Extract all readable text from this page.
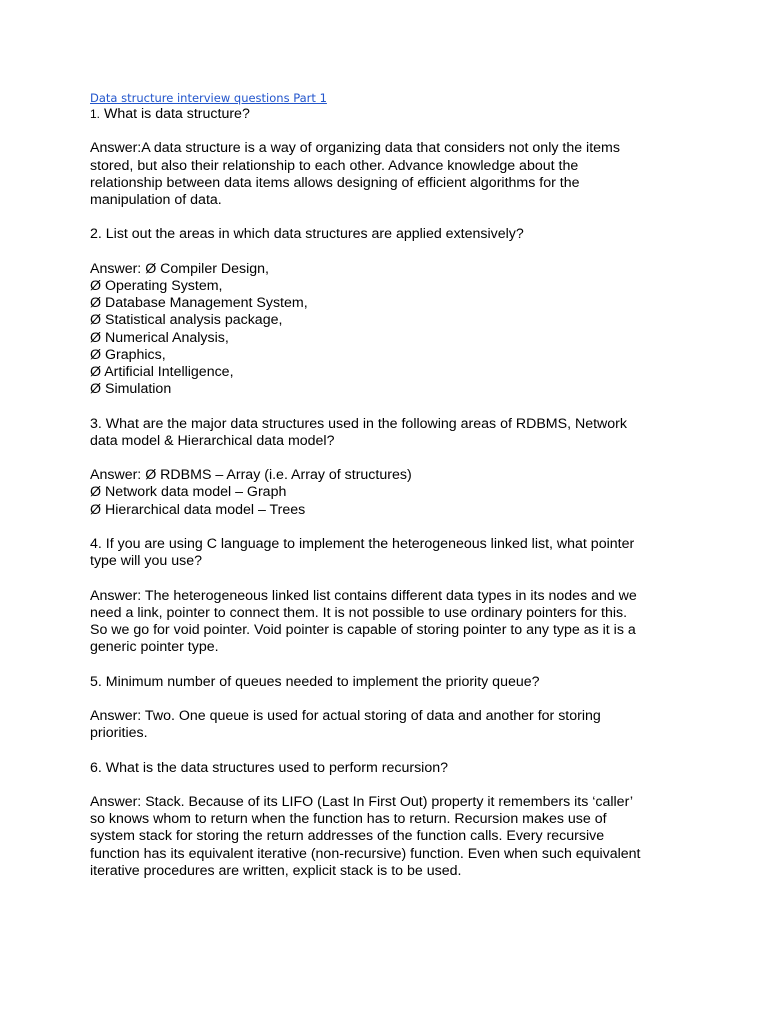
Data structure interview questions Part 1
1. What is data structure?
Answer:A data structure is a way of organizing data that considers not only the items
stored, but also their relationship to each other. Advance knowledge about the
relationship between data items allows designing of efficient algorithms for the
manipulation of data.
2. List out the areas in which data structures are applied extensively?
Answer: Ø Compiler Design,
Ø Operating System,
Ø Database Management System,
Ø Statistical analysis package,
Ø Numerical Analysis,
Ø Graphics,
Ø Artificial Intelligence,
Ø Simulation
3. What are the major data structures used in the following areas of RDBMS, Network
data model & Hierarchical data model?
Answer: Ø RDBMS – Array (i.e. Array of structures)
Ø Network data model – Graph
Ø Hierarchical data model – Trees
4. If you are using C language to implement the heterogeneous linked list, what pointer
type will you use?
Answer: The heterogeneous linked list contains different data types in its nodes and we
need a link, pointer to connect them. It is not possible to use ordinary pointers for this.
So we go for void pointer. Void pointer is capable of storing pointer to any type as it is a
generic pointer type.
5. Minimum number of queues needed to implement the priority queue?
Answer: Two. One queue is used for actual storing of data and another for storing
priorities.
6. What is the data structures used to perform recursion?
Answer: Stack. Because of its LIFO (Last In First Out) property it remembers its ‘caller’
so knows whom to return when the function has to return. Recursion makes use of
system stack for storing the return addresses of the function calls. Every recursive
function has its equivalent iterative (non-recursive) function. Even when such equivalent
iterative procedures are written, explicit stack is to be used.
